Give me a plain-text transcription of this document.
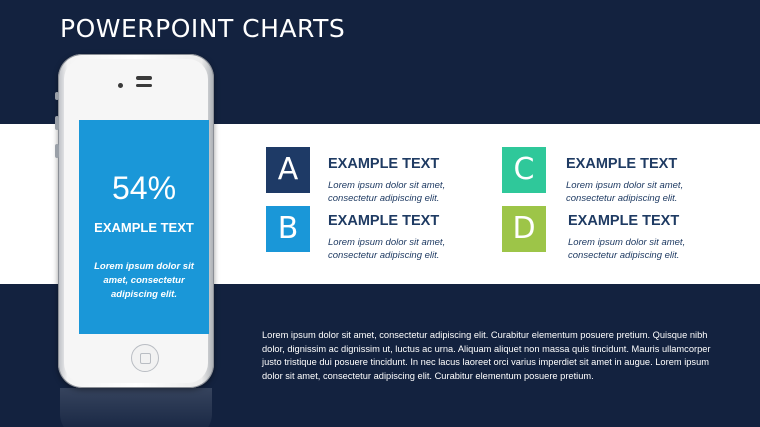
POWERPOINT CHARTS
54%
EXAMPLE TEXT
Lorem ipsum dolor sit amet, consectetur adipiscing elit.
A	EXAMPLE TEXT
Lorem ipsum dolor sit amet,
consectetur adipiscing elit.
B	EXAMPLE TEXT
Lorem ipsum dolor sit amet,
consectetur adipiscing elit.
C	EXAMPLE TEXT
Lorem ipsum dolor sit amet,
consectetur adipiscing elit.
D	EXAMPLE TEXT
Lorem ipsum dolor sit amet,
consectetur adipiscing elit.
Lorem ipsum dolor sit amet, consectetur adipiscing elit. Curabitur elementum posuere pretium. Quisque nibh dolor, dignissim ac dignissim ut, luctus ac urna. Aliquam aliquet non massa quis tincidunt. Mauris ullamcorper justo tristique dui posuere tincidunt. In nec lacus laoreet orci varius imperdiet sit amet in augue. Lorem ipsum dolor sit amet, consectetur adipiscing elit. Curabitur elementum posuere pretium.
